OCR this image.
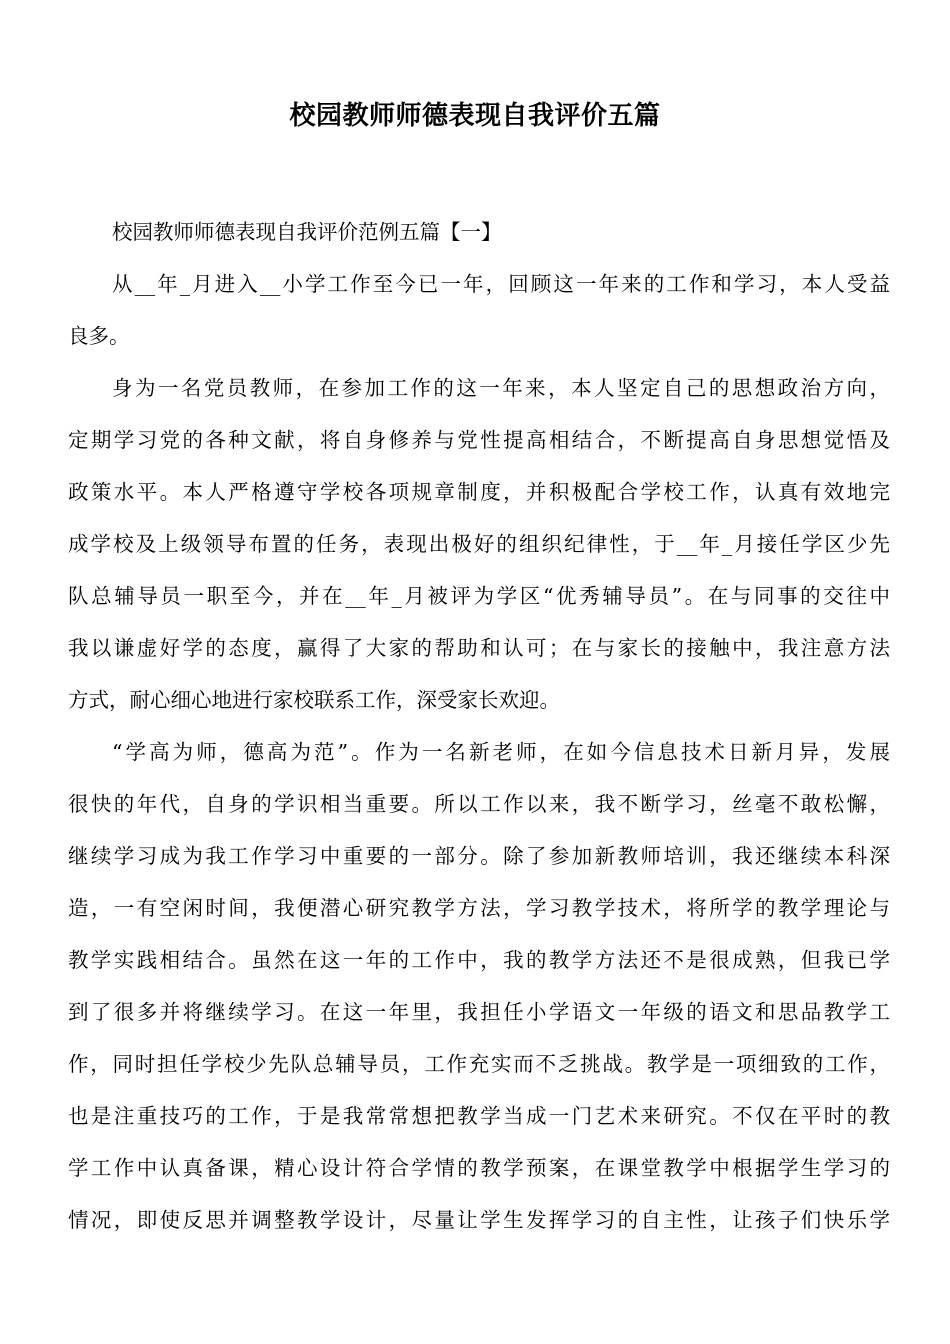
校园教师师德表现自我评价五篇

校园教师师德表现自我评价范例五篇【一】

从__年_月进入__小学工作至今已一年，回顾这一年来的工作和学习，本人受益
良多。

身为一名党员教师，在参加工作的这一年来，本人坚定自己的思想政治方向，
定期学习党的各种文献，将自身修养与党性提高相结合，不断提高自身思想觉悟及
政策水平。本人严格遵守学校各项规章制度，并积极配合学校工作，认真有效地完
成学校及上级领导布置的任务，表现出极好的组织纪律性，于__年_月接任学区少先
队总辅导员一职至今，并在__年_月被评为学区“优秀辅导员”。在与同事的交往中
我以谦虚好学的态度，赢得了大家的帮助和认可；在与家长的接触中，我注意方法
方式，耐心细心地进行家校联系工作，深受家长欢迎。

“学高为师，德高为范”。作为一名新老师，在如今信息技术日新月异，发展
很快的年代，自身的学识相当重要。所以工作以来，我不断学习，丝毫不敢松懈，
继续学习成为我工作学习中重要的一部分。除了参加新教师培训，我还继续本科深
造，一有空闲时间，我便潜心研究教学方法，学习教学技术，将所学的教学理论与
教学实践相结合。虽然在这一年的工作中，我的教学方法还不是很成熟，但我已学
到了很多并将继续学习。在这一年里，我担任小学语文一年级的语文和思品教学工
作，同时担任学校少先队总辅导员，工作充实而不乏挑战。教学是一项细致的工作，
也是注重技巧的工作，于是我常常想把教学当成一门艺术来研究。不仅在平时的教
学工作中认真备课，精心设计符合学情的教学预案，在课堂教学中根据学生学习的
情况，即使反思并调整教学设计，尽量让学生发挥学习的自主性，让孩子们快乐学
